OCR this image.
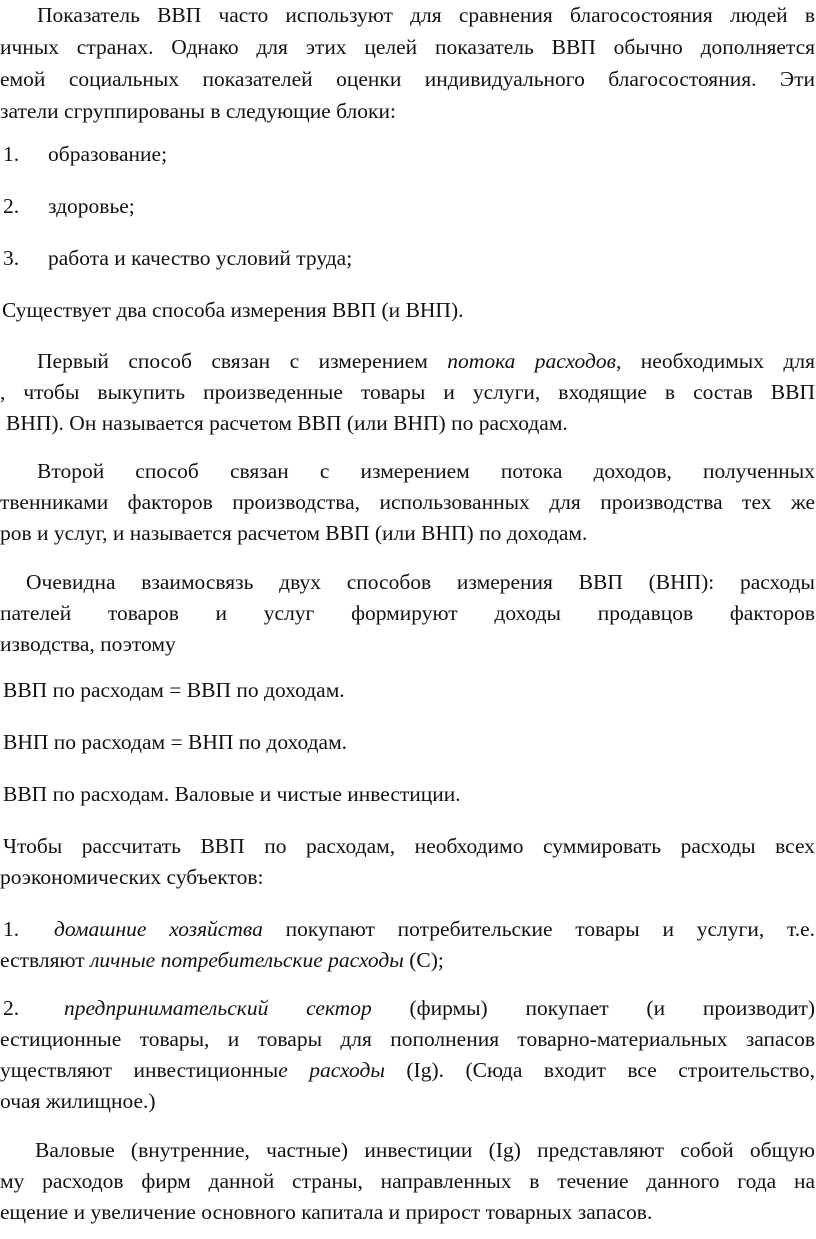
Показатель ВВП часто используют для сравнения благосостояния людей в
ичных странах. Однако для этих целей показатель ВВП обычно дополняется
емой социальных показателей оценки индивидуального благосостояния. Эти
затели сгруппированы в следующие блоки:
1. образование;
2. здоровье;
3. работа и качество условий труда;
Существует два способа измерения ВВП (и ВНП).
Первый способ связан с измерением потока расходов, необходимых для
, чтобы выкупить произведенные товары и услуги, входящие в состав ВВП
ВНП). Он называется расчетом ВВП (или ВНП) по расходам.
Второй способ связан с измерением потока доходов, полученных
твенниками факторов производства, использованных для производства тех же
ров и услуг, и называется расчетом ВВП (или ВНП) по доходам.
Очевидна взаимосвязь двух способов измерения ВВП (ВНП): расходы
пателей товаров и услуг формируют доходы продавцов факторов
изводства, поэтому
ВВП по расходам = ВВП по доходам.
ВНП по расходам = ВНП по доходам.
ВВП по расходам. Валовые и чистые инвестиции.
Чтобы рассчитать ВВП по расходам, необходимо суммировать расходы всех
роэкономических субъектов:
1. домашние хозяйства покупают потребительские товары и услуги, т.е.
ествляют личные потребительские расходы (C);
2. предпринимательский сектор (фирмы) покупает (и производит)
естиционные товары, и товары для пополнения товарно-материальных запасов
уществляют инвестиционные расходы (Ig). (Сюда входит все строительство,
очая жилищное.)
Валовые (внутренние, частные) инвестиции (Ig) представляют собой общую
му расходов фирм данной страны, направленных в течение данного года на
ещение и увеличение основного капитала и прирост товарных запасов.
